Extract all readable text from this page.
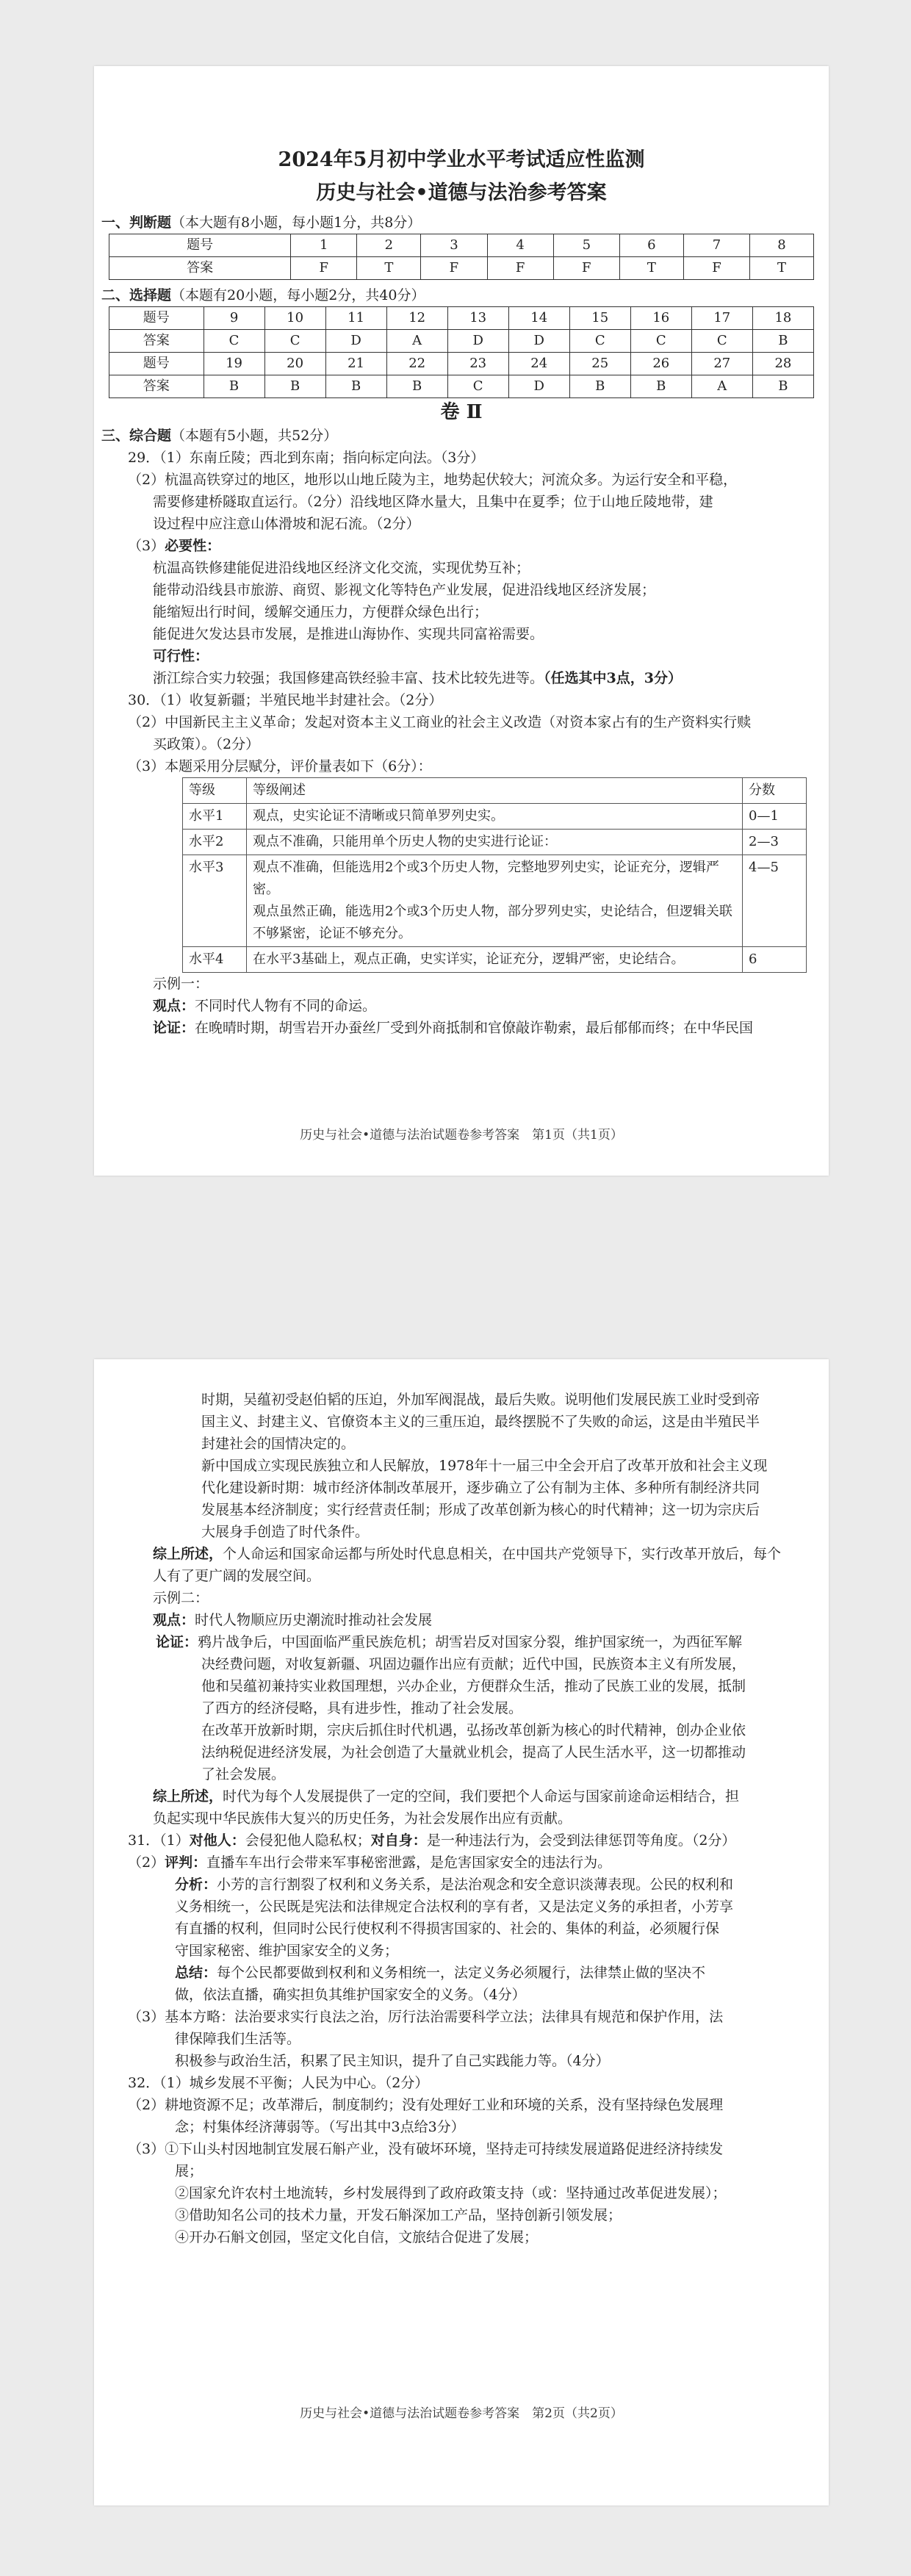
2024年5月初中学业水平考试适应性监测
历史与社会•道德与法治参考答案
一、判断题（本大题有8小题，每小题1分，共8分）
题号	1	2	3	4	5	6	7	8
答案	F	T	F	F	F	T	F	T
二、选择题（本题有20小题，每小题2分，共40分）
题号	9	10	11	12	13	14	15	16	17	18
答案	C	C	D	A	D	D	C	C	C	B
题号	19	20	21	22	23	24	25	26	27	28
答案	B	B	B	B	C	D	B	B	A	B
卷 Ⅱ
三、综合题（本题有5小题，共52分）
29．（1）东南丘陵；西北到东南；指向标定向法。（3分）
（2）杭温高铁穿过的地区，地形以山地丘陵为主，地势起伏较大；河流众多。为运行安全和平稳，
需要修建桥隧取直运行。（2分）沿线地区降水量大，且集中在夏季；位于山地丘陵地带，建
设过程中应注意山体滑坡和泥石流。（2分）
（3）必要性：
杭温高铁修建能促进沿线地区经济文化交流，实现优势互补；
能带动沿线县市旅游、商贸、影视文化等特色产业发展，促进沿线地区经济发展；
能缩短出行时间，缓解交通压力，方便群众绿色出行；
能促进欠发达县市发展，是推进山海协作、实现共同富裕需要。
可行性：
浙江综合实力较强；我国修建高铁经验丰富、技术比较先进等。（任选其中3点，3分）
30．（1）收复新疆；半殖民地半封建社会。（2分）
（2）中国新民主主义革命；发起对资本主义工商业的社会主义改造（对资本家占有的生产资料实行赎
买政策）。（2分）
（3）本题采用分层赋分，评价量表如下（6分）：
等级	等级阐述	分数
水平1	观点，史实论证不清晰或只简单罗列史实。	0—1
水平2	观点不准确，只能用单个历史人物的史实进行论证：	2—3
水平3	观点不准确，但能选用2个或3个历史人物，完整地罗列史实，论证充分，逻辑严密。
观点虽然正确，能选用2个或3个历史人物，部分罗列史实，史论结合，但逻辑关联不够紧密，论证不够充分。	4—5
水平4	在水平3基础上，观点正确，史实详实，论证充分，逻辑严密，史论结合。	6
示例一：
观点：不同时代人物有不同的命运。
论证：在晚晴时期，胡雪岩开办蚕丝厂受到外商抵制和官僚敲诈勒索，最后郁郁而终；在中华民国
历史与社会•道德与法治试题卷参考答案　第1页（共1页）
时期，吴蕴初受赵伯韬的压迫，外加军阀混战，最后失败。说明他们发展民族工业时受到帝
国主义、封建主义、官僚资本主义的三重压迫，最终摆脱不了失败的命运，这是由半殖民半
封建社会的国情决定的。
新中国成立实现民族独立和人民解放，1978年十一届三中全会开启了改革开放和社会主义现
代化建设新时期：城市经济体制改革展开，逐步确立了公有制为主体、多种所有制经济共同
发展基本经济制度；实行经营责任制；形成了改革创新为核心的时代精神；这一切为宗庆后
大展身手创造了时代条件。
综上所述，个人命运和国家命运都与所处时代息息相关，在中国共产党领导下，实行改革开放后，每个
人有了更广阔的发展空间。
示例二：
观点：时代人物顺应历史潮流时推动社会发展
论证：鸦片战争后，中国面临严重民族危机；胡雪岩反对国家分裂，维护国家统一，为西征军解
决经费问题，对收复新疆、巩固边疆作出应有贡献；近代中国，民族资本主义有所发展，
他和吴蕴初兼持实业救国理想，兴办企业，方便群众生活，推动了民族工业的发展，抵制
了西方的经济侵略，具有进步性，推动了社会发展。
在改革开放新时期，宗庆后抓住时代机遇，弘扬改革创新为核心的时代精神，创办企业依
法纳税促进经济发展，为社会创造了大量就业机会，提高了人民生活水平，这一切都推动
了社会发展。
综上所述，时代为每个人发展提供了一定的空间，我们要把个人命运与国家前途命运相结合，担
负起实现中华民族伟大复兴的历史任务，为社会发展作出应有贡献。
31．（1）对他人：会侵犯他人隐私权；对自身：是一种违法行为，会受到法律惩罚等角度。（2分）
（2）评判：直播车车出行会带来军事秘密泄露，是危害国家安全的违法行为。
分析：小芳的言行割裂了权利和义务关系，是法治观念和安全意识淡薄表现。公民的权利和
义务相统一，公民既是宪法和法律规定合法权利的享有者，又是法定义务的承担者，小芳享
有直播的权利，但同时公民行使权利不得损害国家的、社会的、集体的利益，必须履行保
守国家秘密、维护国家安全的义务；
总结：每个公民都要做到权利和义务相统一，法定义务必须履行，法律禁止做的坚决不
做，依法直播，确实担负其维护国家安全的义务。（4分）
（3）基本方略：法治要求实行良法之治，厉行法治需要科学立法；法律具有规范和保护作用，法
律保障我们生活等。
积极参与政治生活，积累了民主知识，提升了自己实践能力等。（4分）
32．（1）城乡发展不平衡；人民为中心。（2分）
（2）耕地资源不足；改革滞后，制度制约；没有处理好工业和环境的关系，没有坚持绿色发展理
念；村集体经济薄弱等。（写出其中3点给3分）
（3）①下山头村因地制宜发展石斛产业，没有破坏环境，坚持走可持续发展道路促进经济持续发
展；
②国家允许农村土地流转，乡村发展得到了政府政策支持（或：坚持通过改革促进发展）；
③借助知名公司的技术力量，开发石斛深加工产品，坚持创新引领发展；
④开办石斛文创园，坚定文化自信，文旅结合促进了发展；
历史与社会•道德与法治试题卷参考答案　第2页（共2页）
